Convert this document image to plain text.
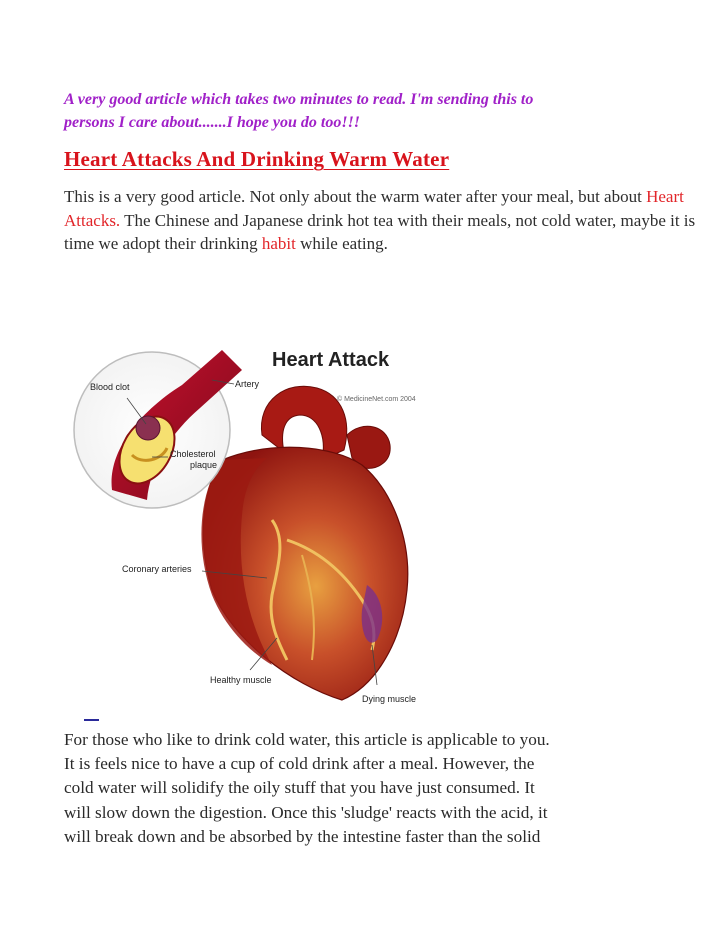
A very good article which takes two minutes to read. I'm sending this to
persons I care about.......I hope you do too!!!

Heart Attacks And Drinking Warm Water

This is a very good article. Not only about the warm water after your meal, but about Heart Attacks. The Chinese and Japanese drink hot tea with their meals, not cold water, maybe it is time we adopt their drinking habit while eating.

Heart Attack
© MedicineNet.com 2004
Blood clot	Artery
Cholesterol
plaque
Coronary arteries
Healthy muscle
Dying muscle

For those who like to drink cold water, this article is applicable to you.
It is feels nice to have a cup of cold drink after a meal. However, the
cold water will solidify the oily stuff that you have just consumed. It
will slow down the digestion. Once this 'sludge' reacts with the acid, it
will break down and be absorbed by the intestine faster than the solid
